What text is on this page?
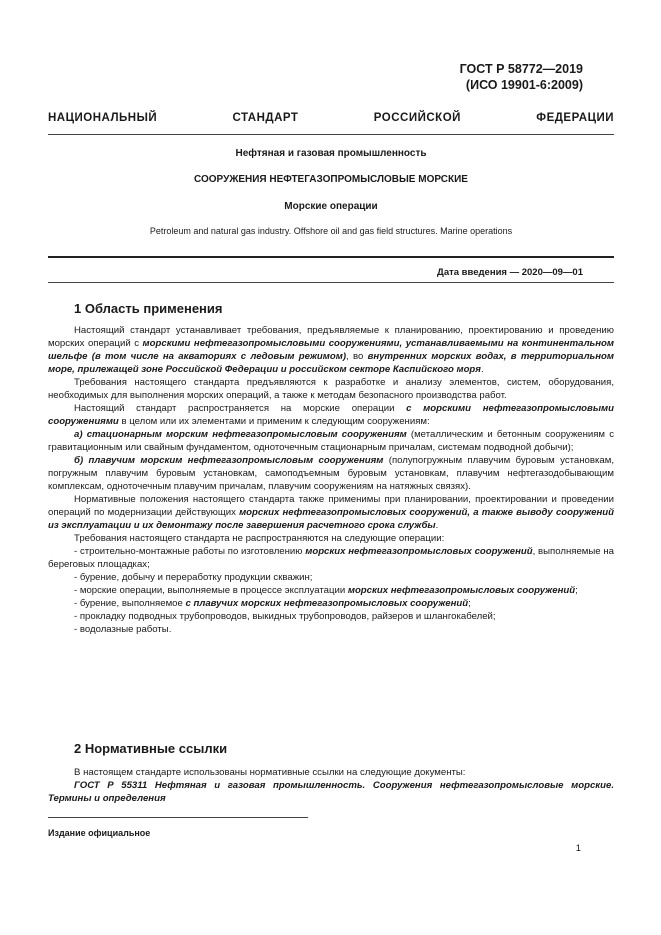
ГОСТ Р 58772—2019
(ИСО 19901-6:2009)
НАЦИОНАЛЬНЫЙ СТАНДАРТ РОССИЙСКОЙ ФЕДЕРАЦИИ
Нефтяная и газовая промышленность
СООРУЖЕНИЯ НЕФТЕГАЗОПРОМЫСЛОВЫЕ МОРСКИЕ
Морские операции
Petroleum and natural gas industry. Offshore oil and gas field structures. Marine operations
Дата введения — 2020—09—01
1 Область применения

Настоящий стандарт устанавливает требования, предъявляемые к планированию, проектированию и проведению морских операций с морскими нефтегазопромысловыми сооружениями, устанавливаемыми на континентальном шельфе (в том числе на акваториях с ледовым режимом), во внутренних морских водах, в территориальном море, прилежащей зоне Российской Федерации и российском секторе Каспийского моря.

Требования настоящего стандарта предъявляются к разработке и анализу элементов, систем, оборудования, необходимых для выполнения морских операций, а также к методам безопасного производства работ.

Настоящий стандарт распространяется на морские операции с морскими нефтегазопромысловыми сооружениями в целом или их элементами и применим к следующим сооружениям:

а) стационарным морским нефтегазопромысловым сооружениям (металлическим и бетонным сооружениям с гравитационным или свайным фундаментом, одноточечным стационарным причалам, системам подводной добычи);

б) плавучим морским нефтегазопромысловым сооружениям (полупогружным плавучим буровым установкам, погружным плавучим буровым установкам, самоподъемным буровым установкам, плавучим нефтегазодобывающим комплексам, одноточечным плавучим причалам, плавучим сооружениям на натяжных связях).

Нормативные положения настоящего стандарта также применимы при планировании, проектировании и проведении операций по модернизации действующих морских нефтегазопромысловых сооружений, а также выводу сооружений из эксплуатации и их демонтажу после завершения расчетного срока службы.

Требования настоящего стандарта не распространяются на следующие операции:

- строительно-монтажные работы по изготовлению морских нефтегазопромысловых сооружений, выполняемые на береговых площадках;

- бурение, добычу и переработку продукции скважин;

- морские операции, выполняемые в процессе эксплуатации морских нефтегазопромысловых сооружений;

- бурение, выполняемое с плавучих морских нефтегазопромысловых сооружений;

- прокладку подводных трубопроводов, выкидных трубопроводов, райзеров и шлангокабелей;

- водолазные работы.

2 Нормативные ссылки

В настоящем стандарте использованы нормативные ссылки на следующие документы:

ГОСТ Р 55311 Нефтяная и газовая промышленность. Сооружения нефтегазопромысловые морские. Термины и определения

Издание официальное
1
